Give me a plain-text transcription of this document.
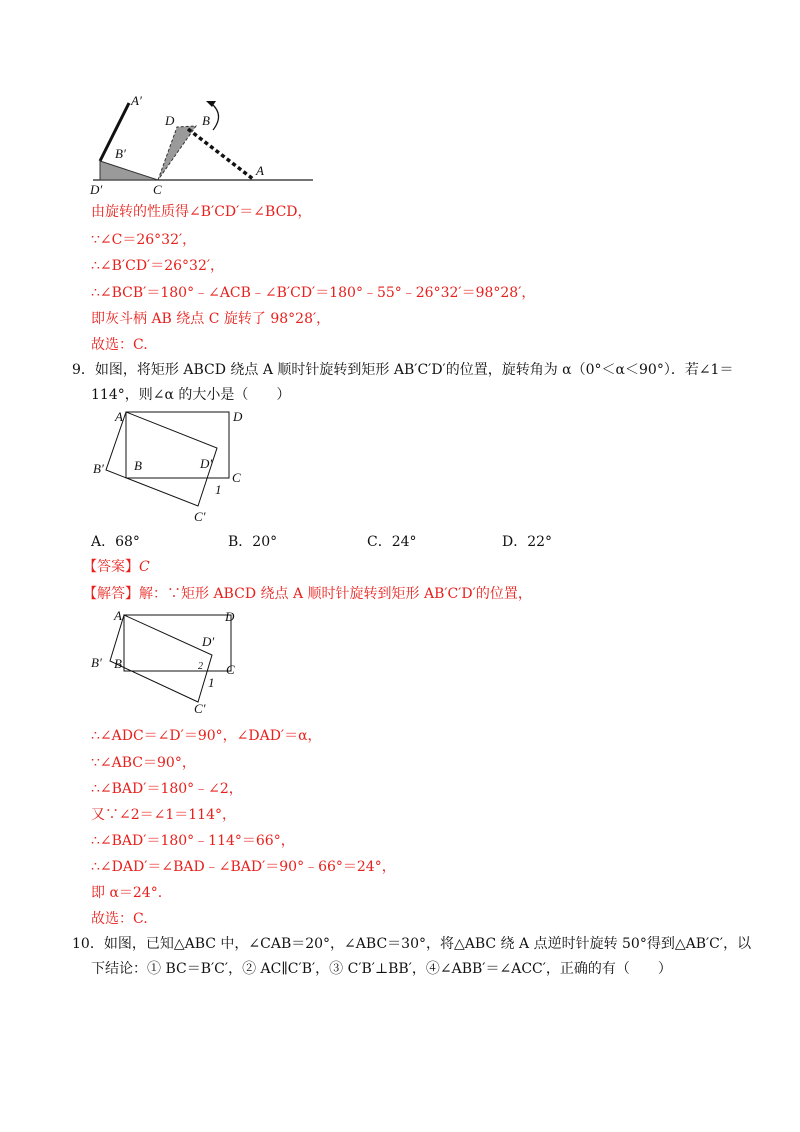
A′
B′
D′	C
D B
A
由旋转的性质得∠B′CD′＝∠BCD，
∵∠C＝26°32′，
∴∠B′CD′＝26°32′，
∴∠BCB′＝180°﹣∠ACB﹣∠B′CD′＝180°﹣55°﹣26°32′＝98°28′，
即灰斗柄 AB 绕点 C 旋转了 98°28′，
故选：C.
9．如图，将矩形 ABCD 绕点 A 顺时针旋转到矩形 AB′C′D′的位置，旋转角为 α（0°＜α＜90°）．若∠1＝
114°，则∠α 的大小是（　　）
A	D
B′ B	D′
C
1
C′
A．68°	B．20°	C．24°	D．22°
【答案】C
【解答】解：∵矩形 ABCD 绕点 A 顺时针旋转到矩形 AB′C′D′的位置，
A	D
D′
B′ B	2 C
1
C′
∴∠ADC＝∠D′＝90°，∠DAD′＝α，
∵∠ABC＝90°，
∴∠BAD′＝180°﹣∠2，
又∵∠2＝∠1＝114°，
∴∠BAD′＝180°﹣114°＝66°，
∴∠DAD′＝∠BAD﹣∠BAD′＝90°﹣66°＝24°，
即 α＝24°.
故选：C.
10．如图，已知△ABC 中，∠CAB＝20°，∠ABC＝30°，将△ABC 绕 A 点逆时针旋转 50°得到△AB′C′，以
下结论：① BC＝B′C′，② AC∥C′B′，③ C′B′⊥BB′，④∠ABB′＝∠ACC′，正确的有（　　）
